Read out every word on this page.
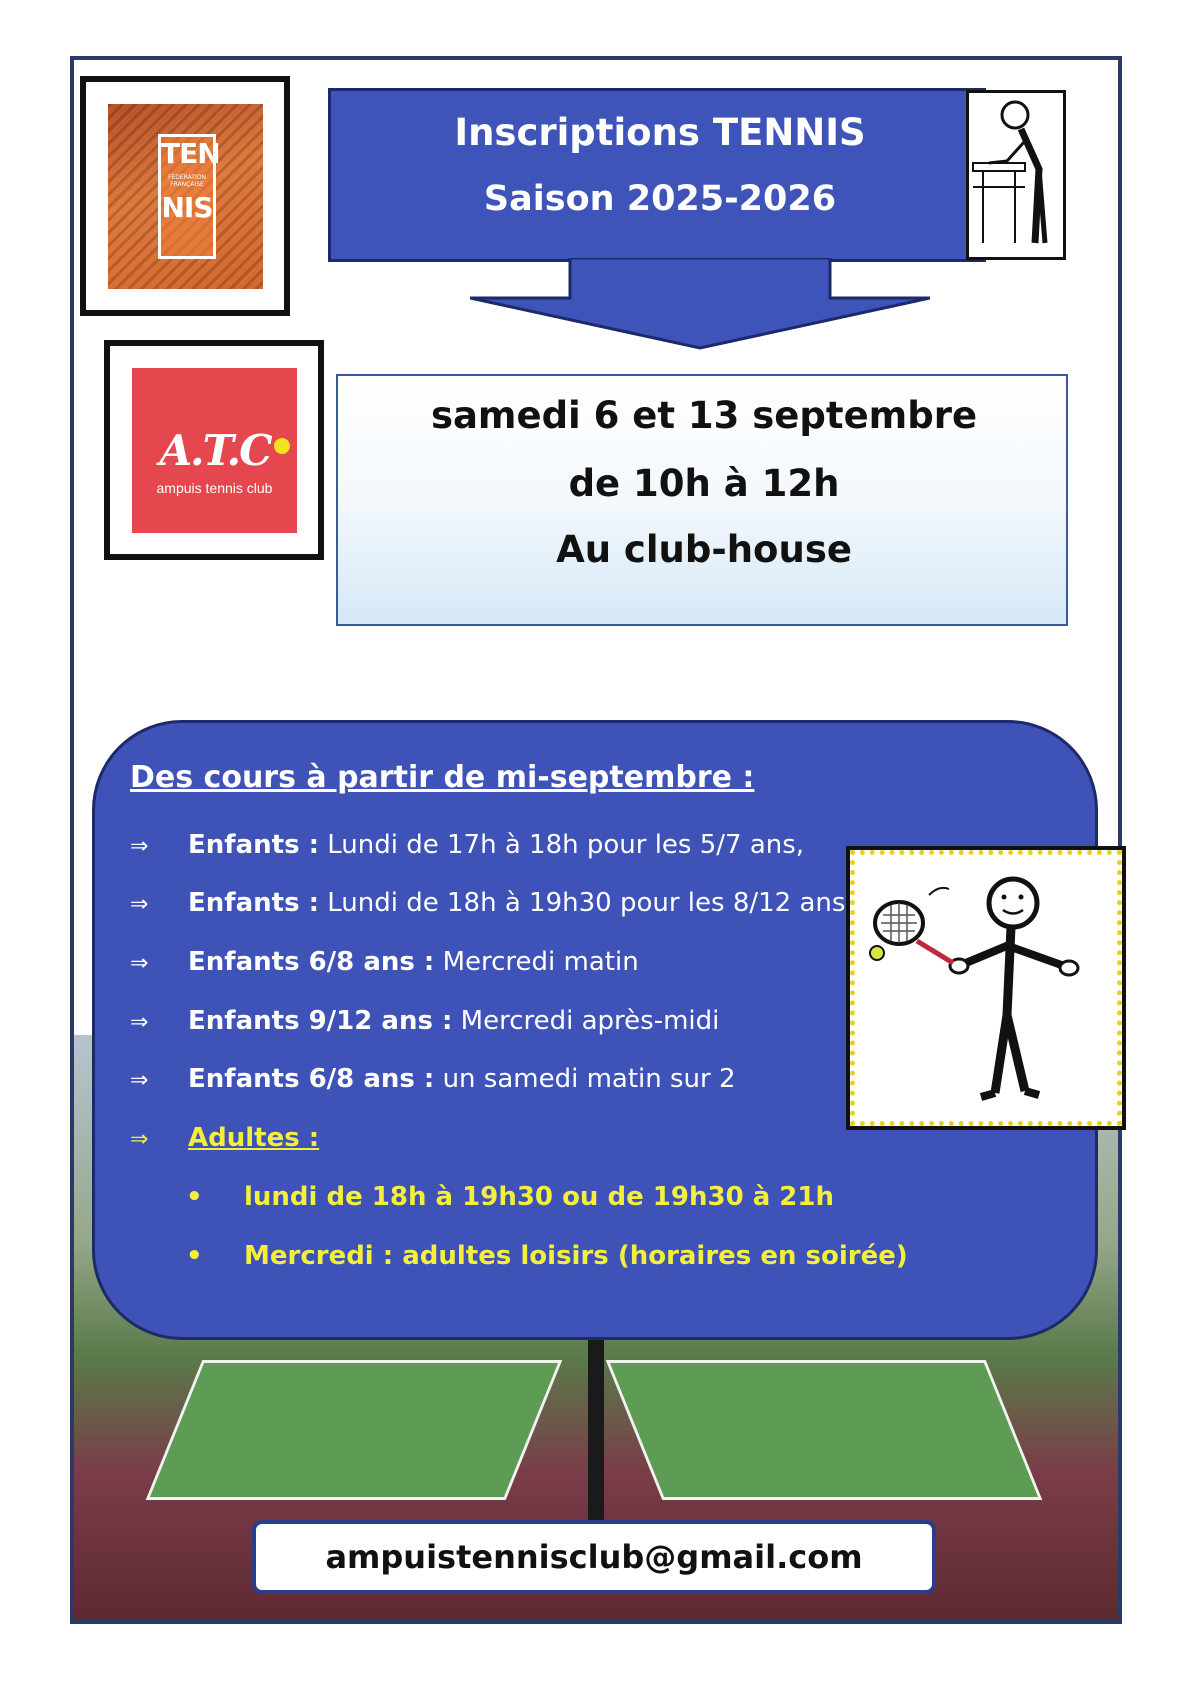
TEN
FÉDÉRATION FRANÇAISE
NIS
A.T.C
ampuis tennis club
Inscriptions TENNIS
Saison 2025-2026
samedi 6 et 13 septembre
de 10h à 12h
Au club-house
Des cours à partir de mi-septembre :
⇒ Enfants : Lundi de 17h à 18h pour les 5/7 ans,
⇒ Enfants : Lundi de 18h à 19h30 pour les 8/12 ans
⇒ Enfants 6/8 ans : Mercredi matin
⇒ Enfants 9/12 ans : Mercredi après-midi
⇒ Enfants 6/8 ans : un samedi matin sur 2
⇒ Adultes :
• lundi de 18h à 19h30 ou de 19h30 à 21h
• Mercredi : adultes loisirs (horaires en soirée)
ampuistennisclub@gmail.com
